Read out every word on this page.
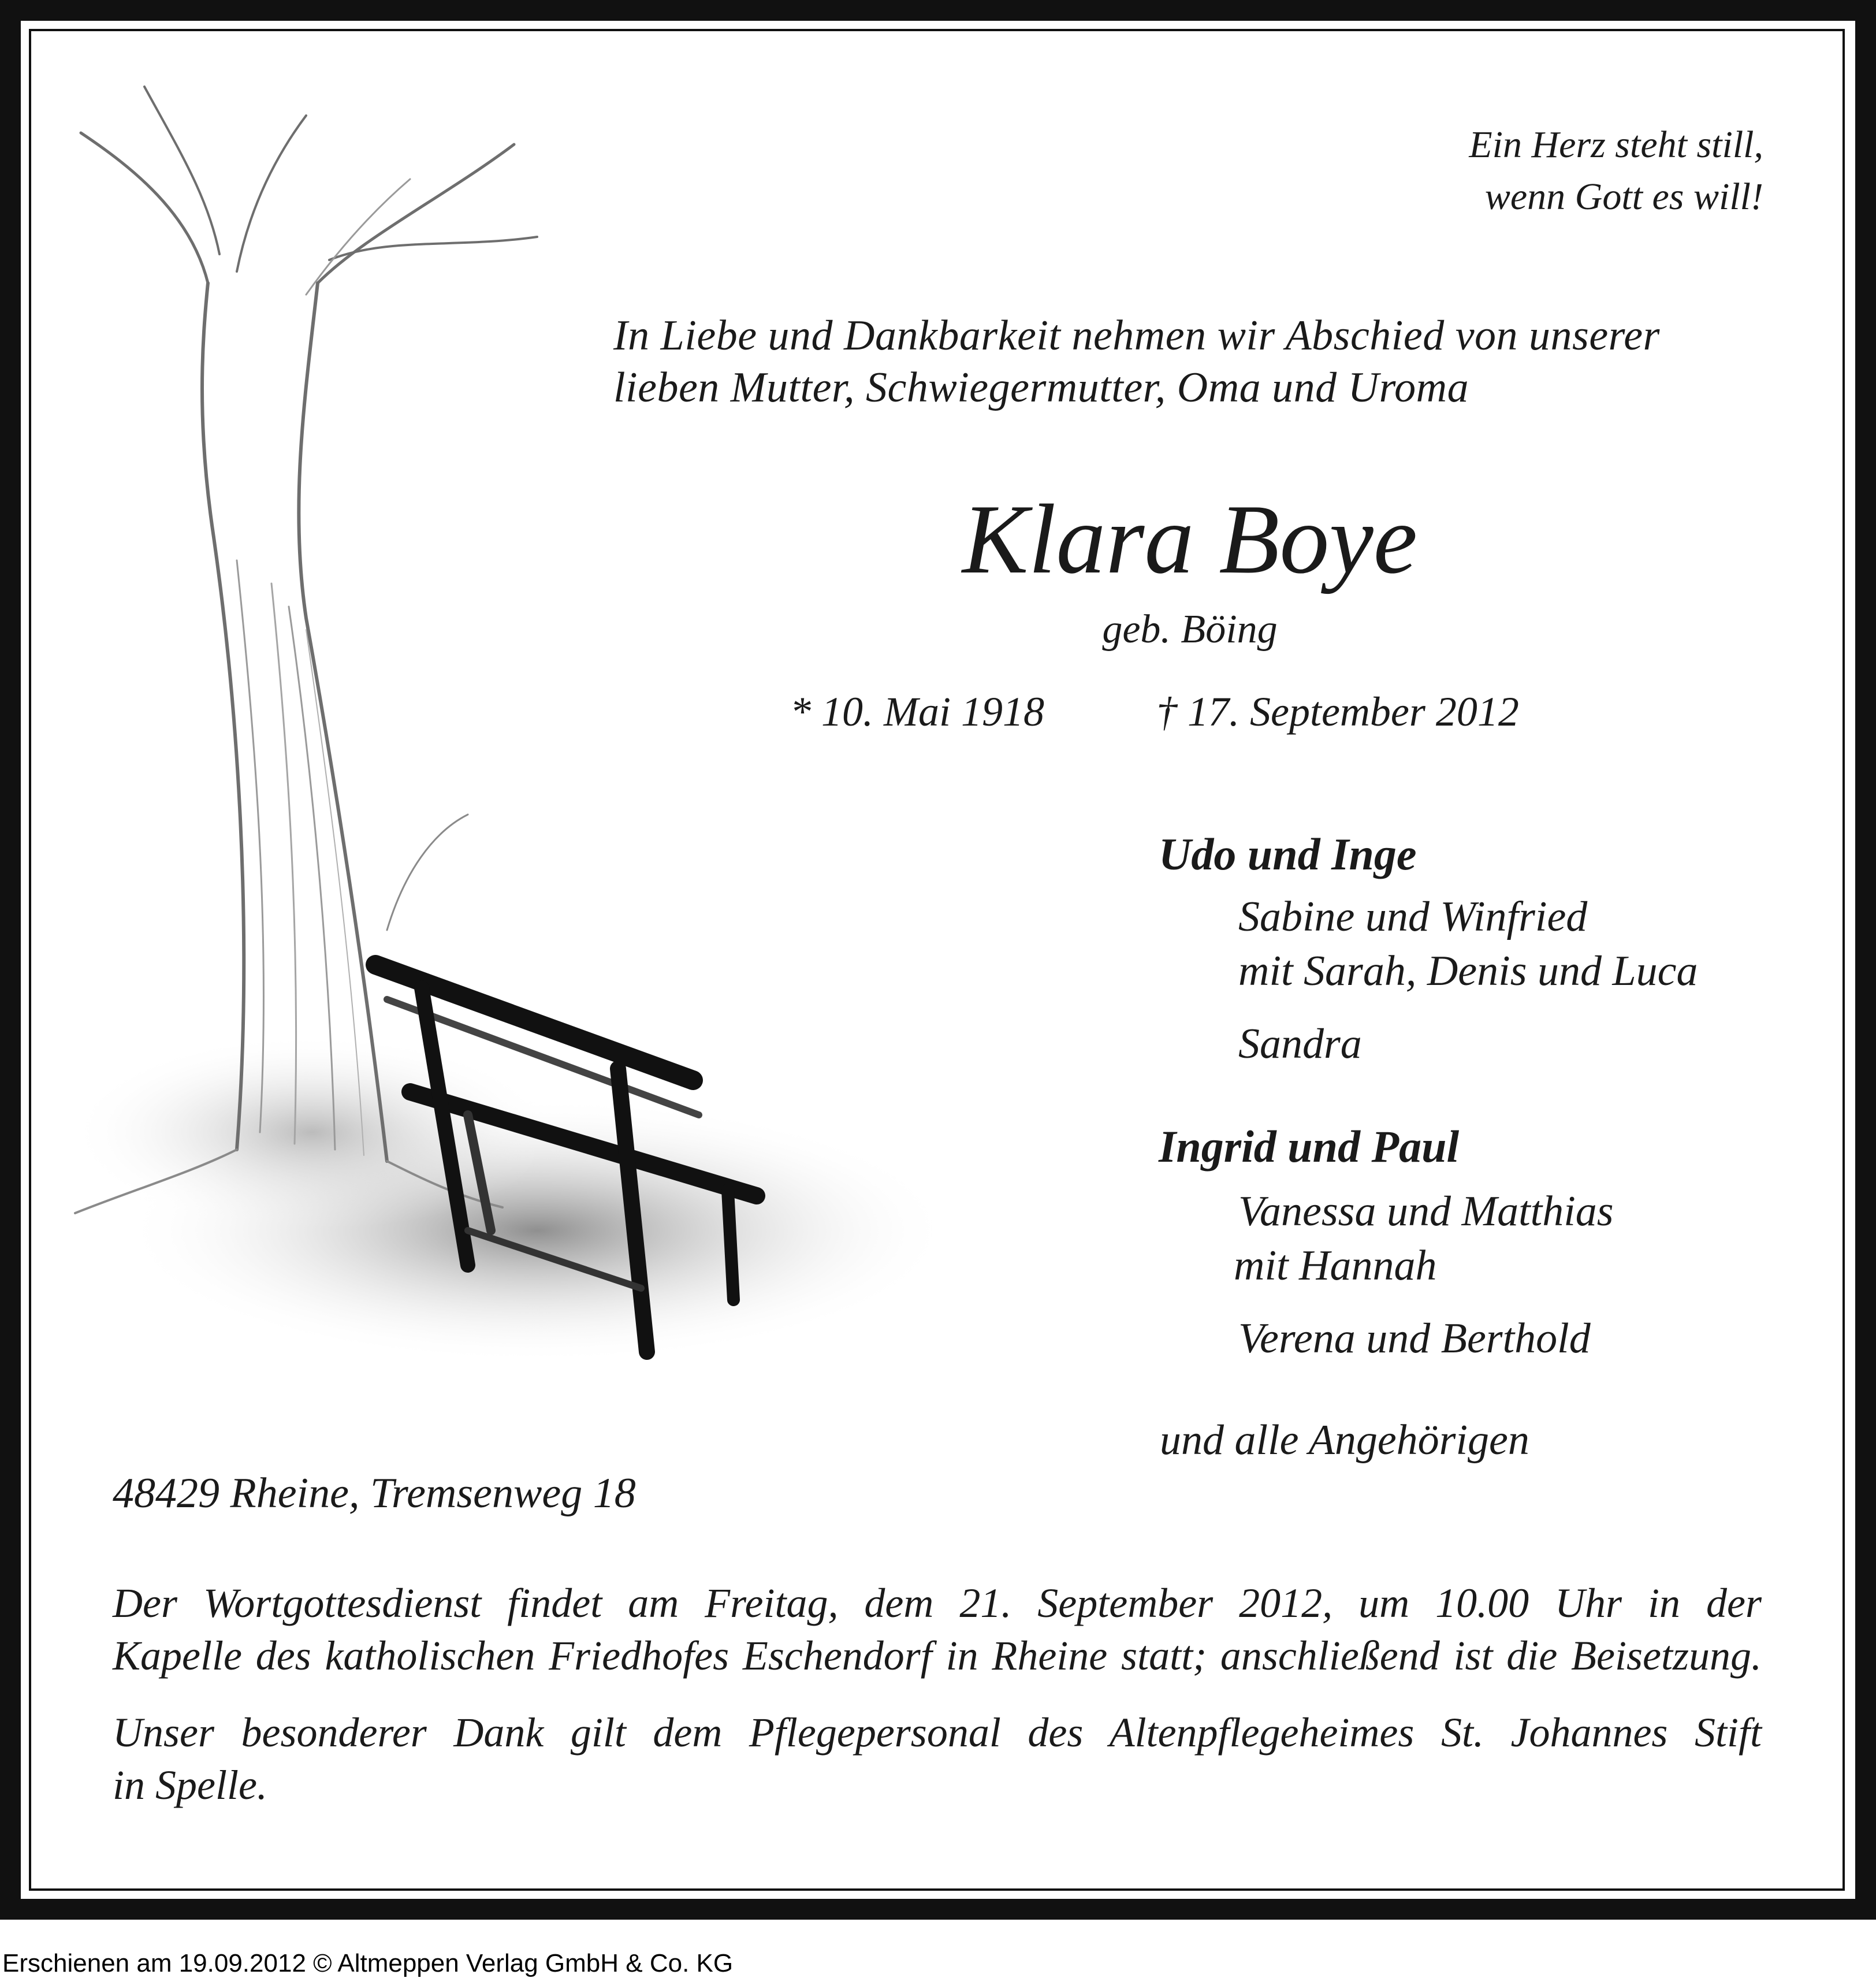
Ein Herz steht still,
wenn Gott es will!
In Liebe und Dankbarkeit nehmen wir Abschied von unserer
lieben Mutter, Schwiegermutter, Oma und Uroma
Klara Boye
geb. Böing
* 10. Mai 1918	† 17. September 2012
Udo und Inge
Sabine und Winfried
mit Sarah, Denis und Luca
Sandra
Ingrid und Paul
Vanessa und Matthias
mit Hannah
Verena und Berthold
und alle Angehörigen
48429 Rheine, Tremsenweg 18
Der Wortgottesdienst findet am Freitag, dem 21. September 2012, um 10.00 Uhr in der
Kapelle des katholischen Friedhofes Eschendorf in Rheine statt; anschließend ist die Beisetzung.
Unser besonderer Dank gilt dem Pflegepersonal des Altenpflegeheimes St. Johannes Stift
in Spelle.
Erschienen am 19.09.2012 © Altmeppen Verlag GmbH & Co. KG
